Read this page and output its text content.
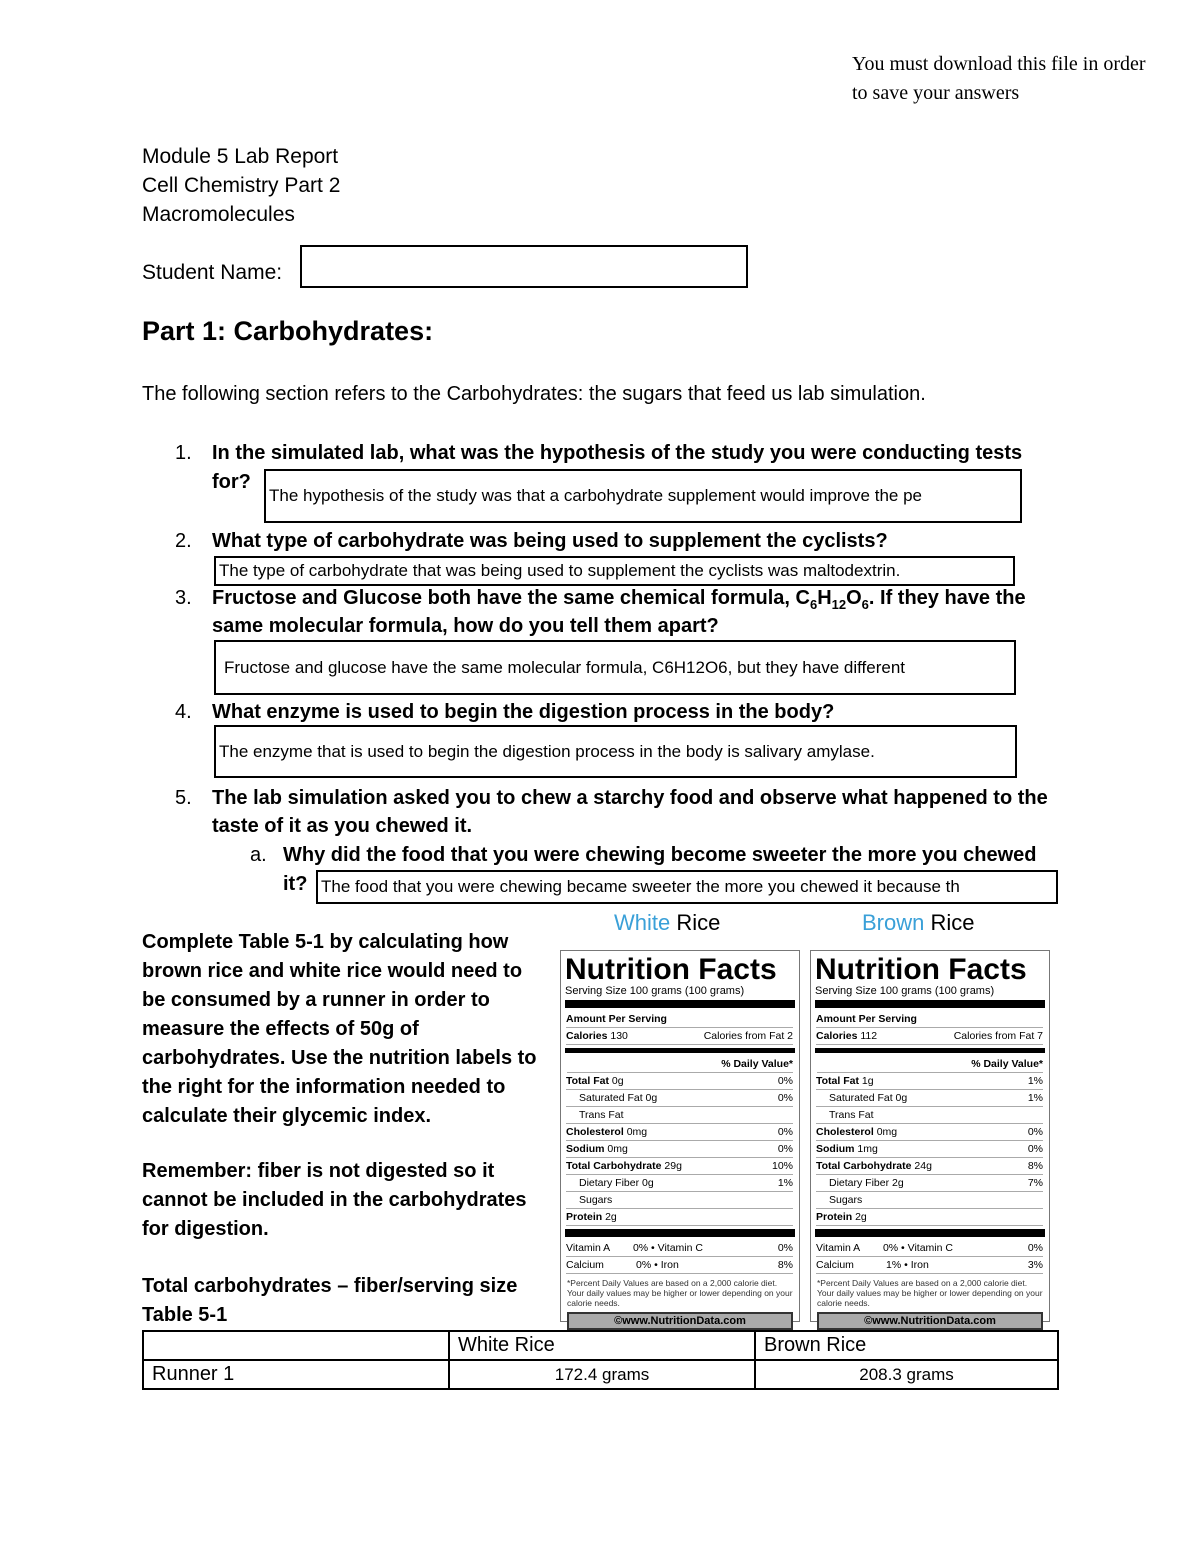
You must download this file in order to save your answers
Module 5 Lab Report
Cell Chemistry Part 2
Macromolecules
Student Name:
Part 1: Carbohydrates:
The following section refers to the Carbohydrates: the sugars that feed us lab simulation.
1. In the simulated lab, what was the hypothesis of the study you were conducting tests
for?
The hypothesis of the study was that a carbohydrate supplement would improve the pe
2. What type of carbohydrate was being used to supplement the cyclists?
The type of carbohydrate that was being used to supplement the cyclists was maltodextrin.
3. Fructose and Glucose both have the same chemical formula, $C_6H_{12}O_6$. If they have the
same molecular formula, how do you tell them apart?
Fructose and glucose have the same molecular formula, C6H12O6, but they have different
4. What enzyme is used to begin the digestion process in the body?
The enzyme that is used to begin the digestion process in the body is salivary amylase.
5. The lab simulation asked you to chew a starchy food and observe what happened to the
taste of it as you chewed it.
a. Why did the food that you were chewing become sweeter the more you chewed
it? The food that you were chewing became sweeter the more you chewed it because th
Complete Table 5-1 by calculating how brown rice and white rice would need to be consumed by a runner in order to measure the effects of 50g of carbohydrates. Use the nutrition labels to the right for the information needed to calculate their glycemic index.
Remember: fiber is not digested so it cannot be included in the carbohydrates for digestion.
Total carbohydrates – fiber/serving size
Table 5-1
White Rice	Brown Rice
Nutrition Facts
Serving Size 100 grams (100 grams)
Amount Per Serving
Calories 130	Calories from Fat 2
% Daily Value*
Total Fat 0g	0%
Saturated Fat 0g	0%
Trans Fat
Cholesterol 0mg	0%
Sodium 0mg	0%
Total Carbohydrate 29g	10%
Dietary Fiber 0g	1%
Sugars
Protein 2g
Vitamin A 0% • Vitamin C	0%
Calcium	0% • Iron	8%
*Percent Daily Values are based on a 2,000 calorie diet. Your daily values may be higher or lower depending on your calorie needs.
©www.NutritionData.com
Nutrition Facts
Serving Size 100 grams (100 grams)
Amount Per Serving
Calories 112	Calories from Fat 7
% Daily Value*
Total Fat 1g	1%
Saturated Fat 0g	1%
Trans Fat
Cholesterol 0mg	0%
Sodium 1mg	0%
Total Carbohydrate 24g	8%
Dietary Fiber 2g	7%
Sugars
Protein 2g
Vitamin A 0% • Vitamin C	0%
Calcium	1% • Iron	3%
*Percent Daily Values are based on a 2,000 calorie diet. Your daily values may be higher or lower depending on your calorie needs.
©www.NutritionData.com
	White Rice	Brown Rice
Runner 1	172.4 grams	208.3 grams
